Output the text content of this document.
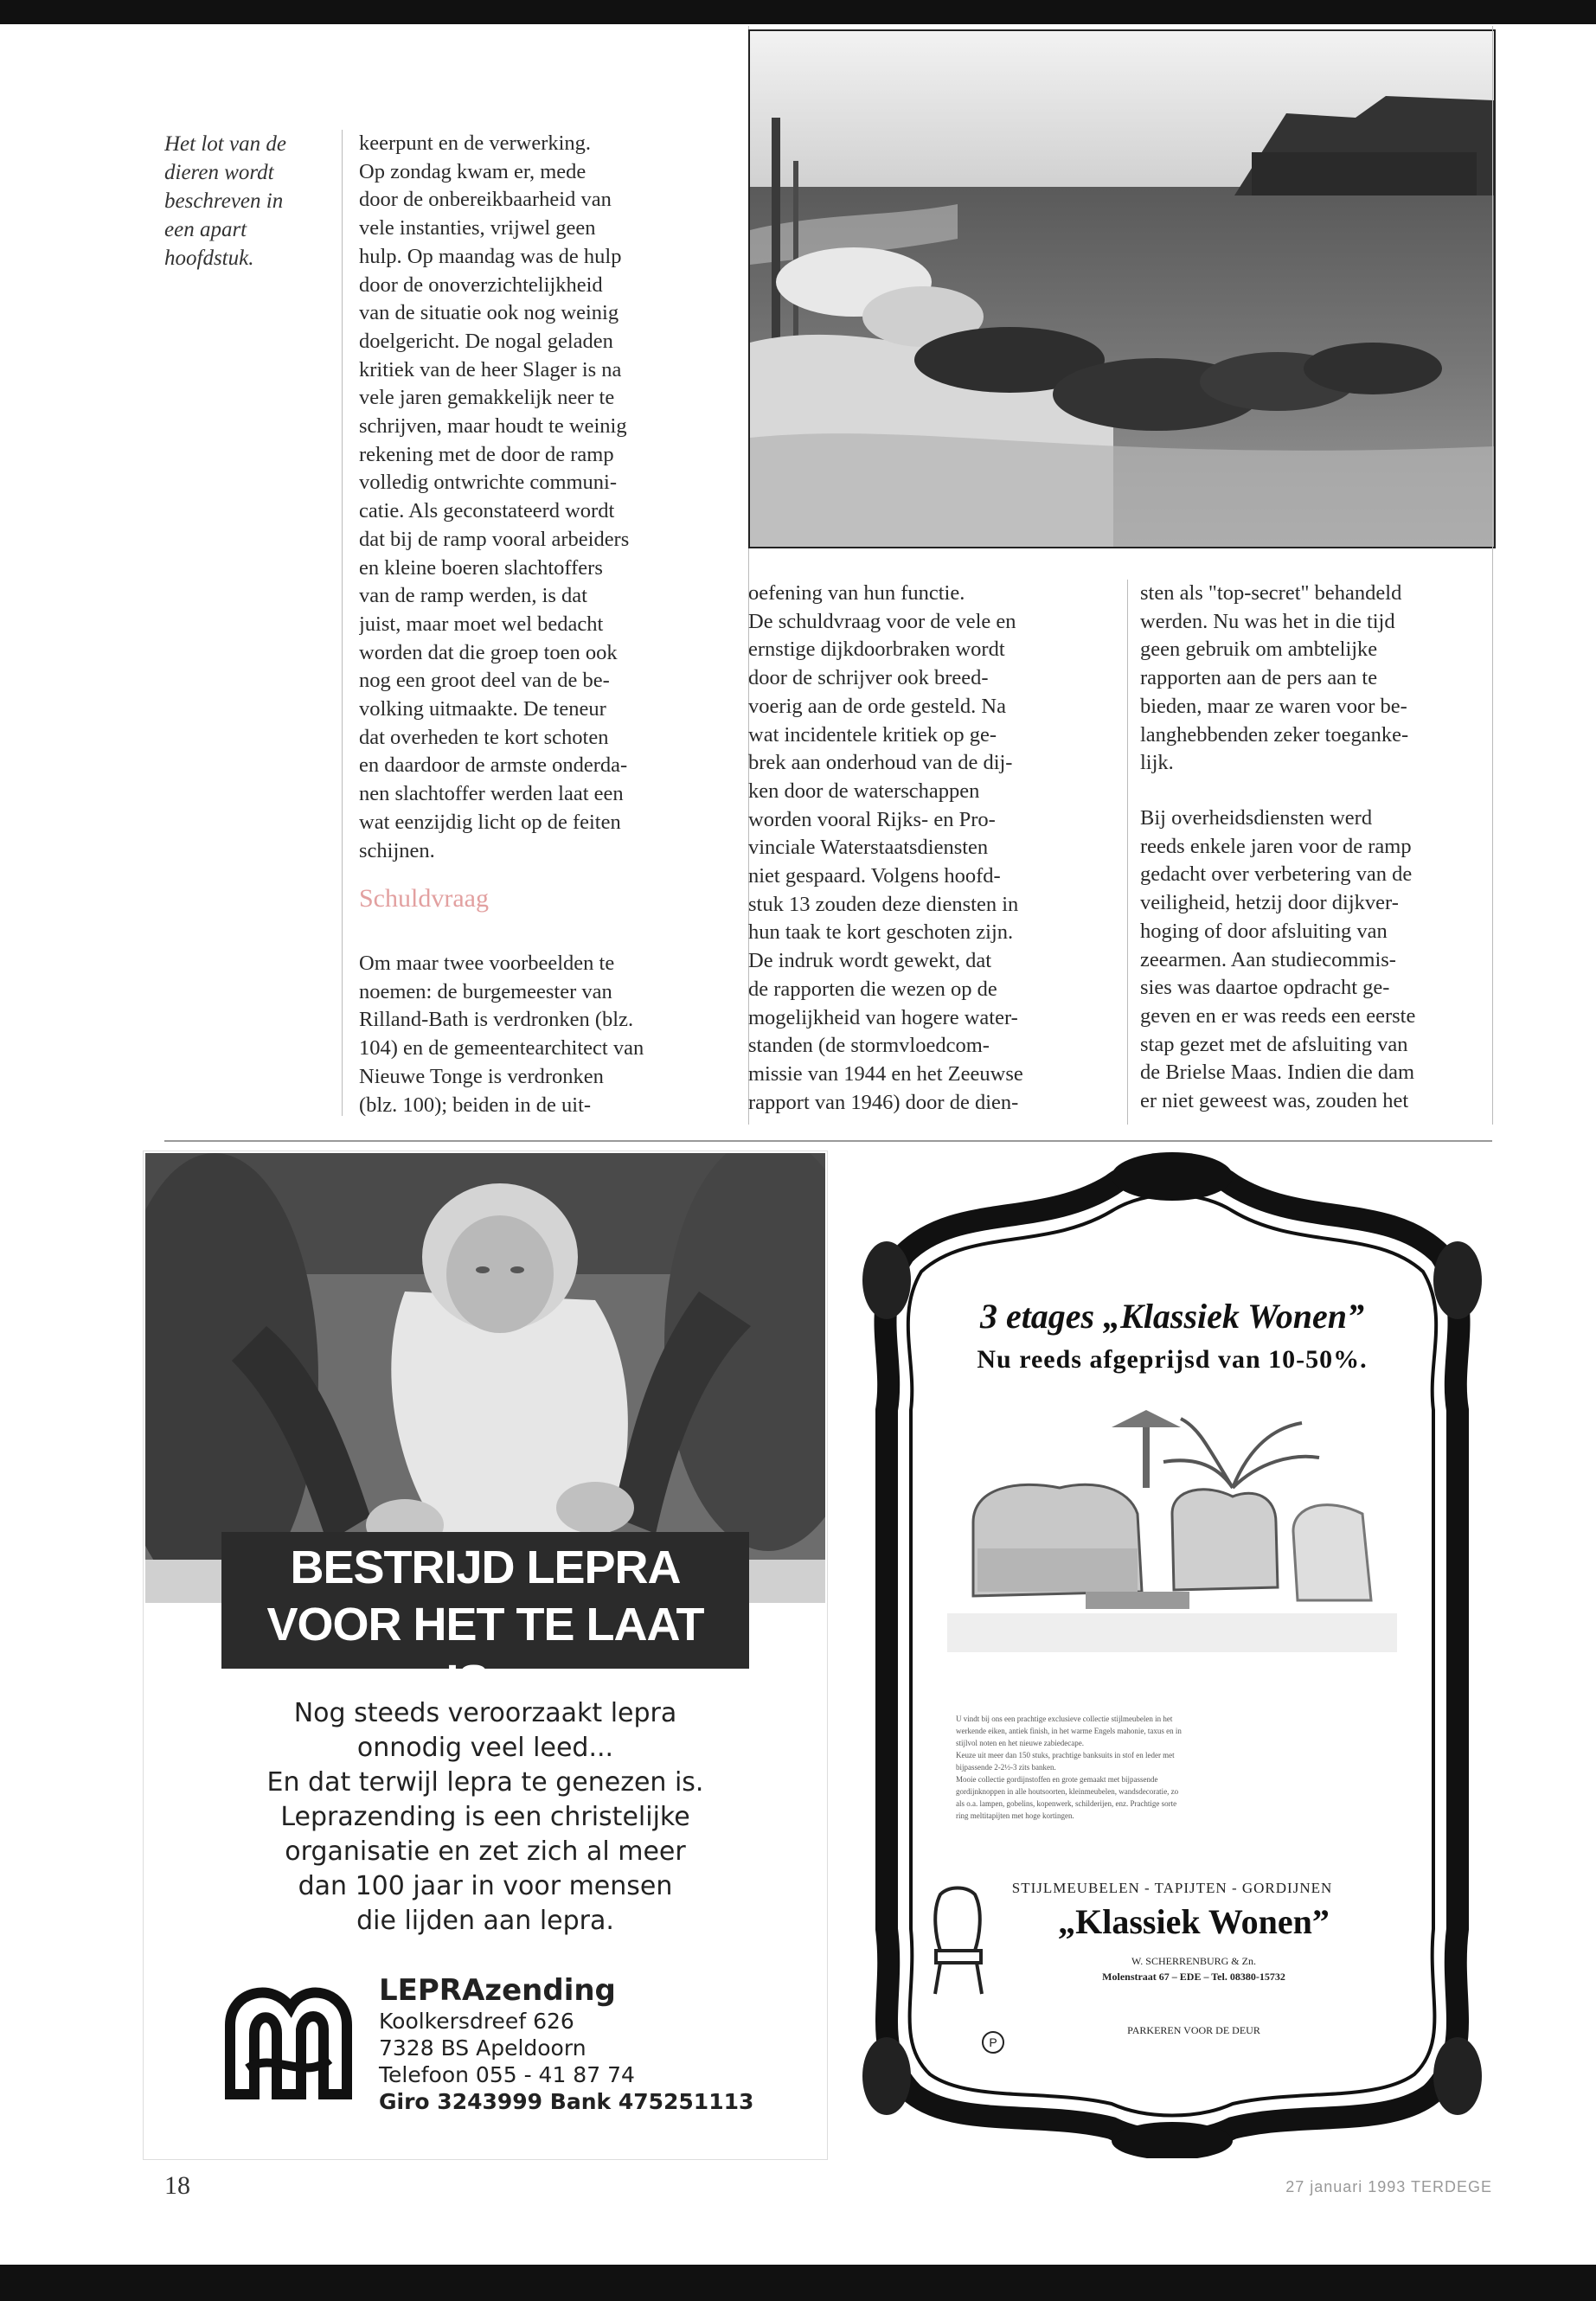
Het lot van de
dieren wordt
beschreven in
een apart
hoofdstuk.
keerpunt en de verwerking.
Op zondag kwam er, mede
door de onbereikbaarheid van
vele instanties, vrijwel geen
hulp. Op maandag was de hulp
door de onoverzichtelijkheid
van de situatie ook nog weinig
doelgericht. De nogal geladen
kritiek van de heer Slager is na
vele jaren gemakkelijk neer te
schrijven, maar houdt te weinig
rekening met de door de ramp
volledig ontwrichte communi-
catie. Als geconstateerd wordt
dat bij de ramp vooral arbeiders
en kleine boeren slachtoffers
van de ramp werden, is dat
juist, maar moet wel bedacht
worden dat die groep toen ook
nog een groot deel van de be-
volking uitmaakte. De teneur
dat overheden te kort schoten
en daardoor de armste onderda-
nen slachtoffer werden laat een
wat eenzijdig licht op de feiten
schijnen.
Schuldvraag
Om maar twee voorbeelden te
noemen: de burgemeester van
Rilland-Bath is verdronken (blz.
104) en de gemeentearchitect van
Nieuwe Tonge is verdronken
(blz. 100); beiden in de uit-
oefening van hun functie.
De schuldvraag voor de vele en
ernstige dijkdoorbraken wordt
door de schrijver ook breed-
voerig aan de orde gesteld. Na
wat incidentele kritiek op ge-
brek aan onderhoud van de dij-
ken door de waterschappen
worden vooral Rijks- en Pro-
vinciale Waterstaatsdiensten
niet gespaard. Volgens hoofd-
stuk 13 zouden deze diensten in
hun taak te kort geschoten zijn.
De indruk wordt gewekt, dat
de rapporten die wezen op de
mogelijkheid van hogere water-
standen (de stormvloedcom-
missie van 1944 en het Zeeuwse
rapport van 1946) door de dien-
sten als "top-secret" behandeld
werden. Nu was het in die tijd
geen gebruik om ambtelijke
rapporten aan de pers aan te
bieden, maar ze waren voor be-
langhebbenden zeker toeganke-
lijk.
Bij overheidsdiensten werd
reeds enkele jaren voor de ramp
gedacht over verbetering van de
veiligheid, hetzij door dijkver-
hoging of door afsluiting van
zeearmen. Aan studiecommis-
sies was daartoe opdracht ge-
geven en er was reeds een eerste
stap gezet met de afsluiting van
de Brielse Maas. Indien die dam
er niet geweest was, zouden het
BESTRIJD LEPRA
VOOR HET TE LAAT IS...
Nog steeds veroorzaakt lepra
onnodig veel leed...
En dat terwijl lepra te genezen is.
Leprazending is een christelijke
organisatie en zet zich al meer
dan 100 jaar in voor mensen
die lijden aan lepra.
LEPRAzending
Koolkersdreef 626
7328 BS Apeldoorn
Telefoon 055 - 41 87 74
Giro 3243999 Bank 475251113
3 etages „Klassiek Wonen”
Nu reeds afgeprijsd van 10-50%.
U vindt bij ons een prachtige exclusieve collectie stijlmeubelen in het
werkende eiken, antiek finish, in het warme Engels mahonie, taxus en in
stijlvol noten en het nieuwe zabiedecape.
Keuze uit meer dan 150 stuks, prachtige banksuits in stof en leder met
bijpassende 2-2½-3 zits banken.
Mooie collectie gordijnstoffen en grote gemaakt met bijpassende
gordijnknoppen in alle houtsoorten, kleinmeubelen, wandsdecoratie, zo
als o.a. lampen, gobelins, kopenwerk, schilderijen, enz. Prachtige sorte
ring meltitapijten met hoge kortingen.
STIJLMEUBELEN - TAPIJTEN - GORDIJNEN
„Klassiek Wonen”
W. SCHERRENBURG & Zn.
Molenstraat 67 – EDE – Tel. 08380-15732
P
PARKEREN VOOR DE DEUR
18	27 januari 1993 TERDEGE
